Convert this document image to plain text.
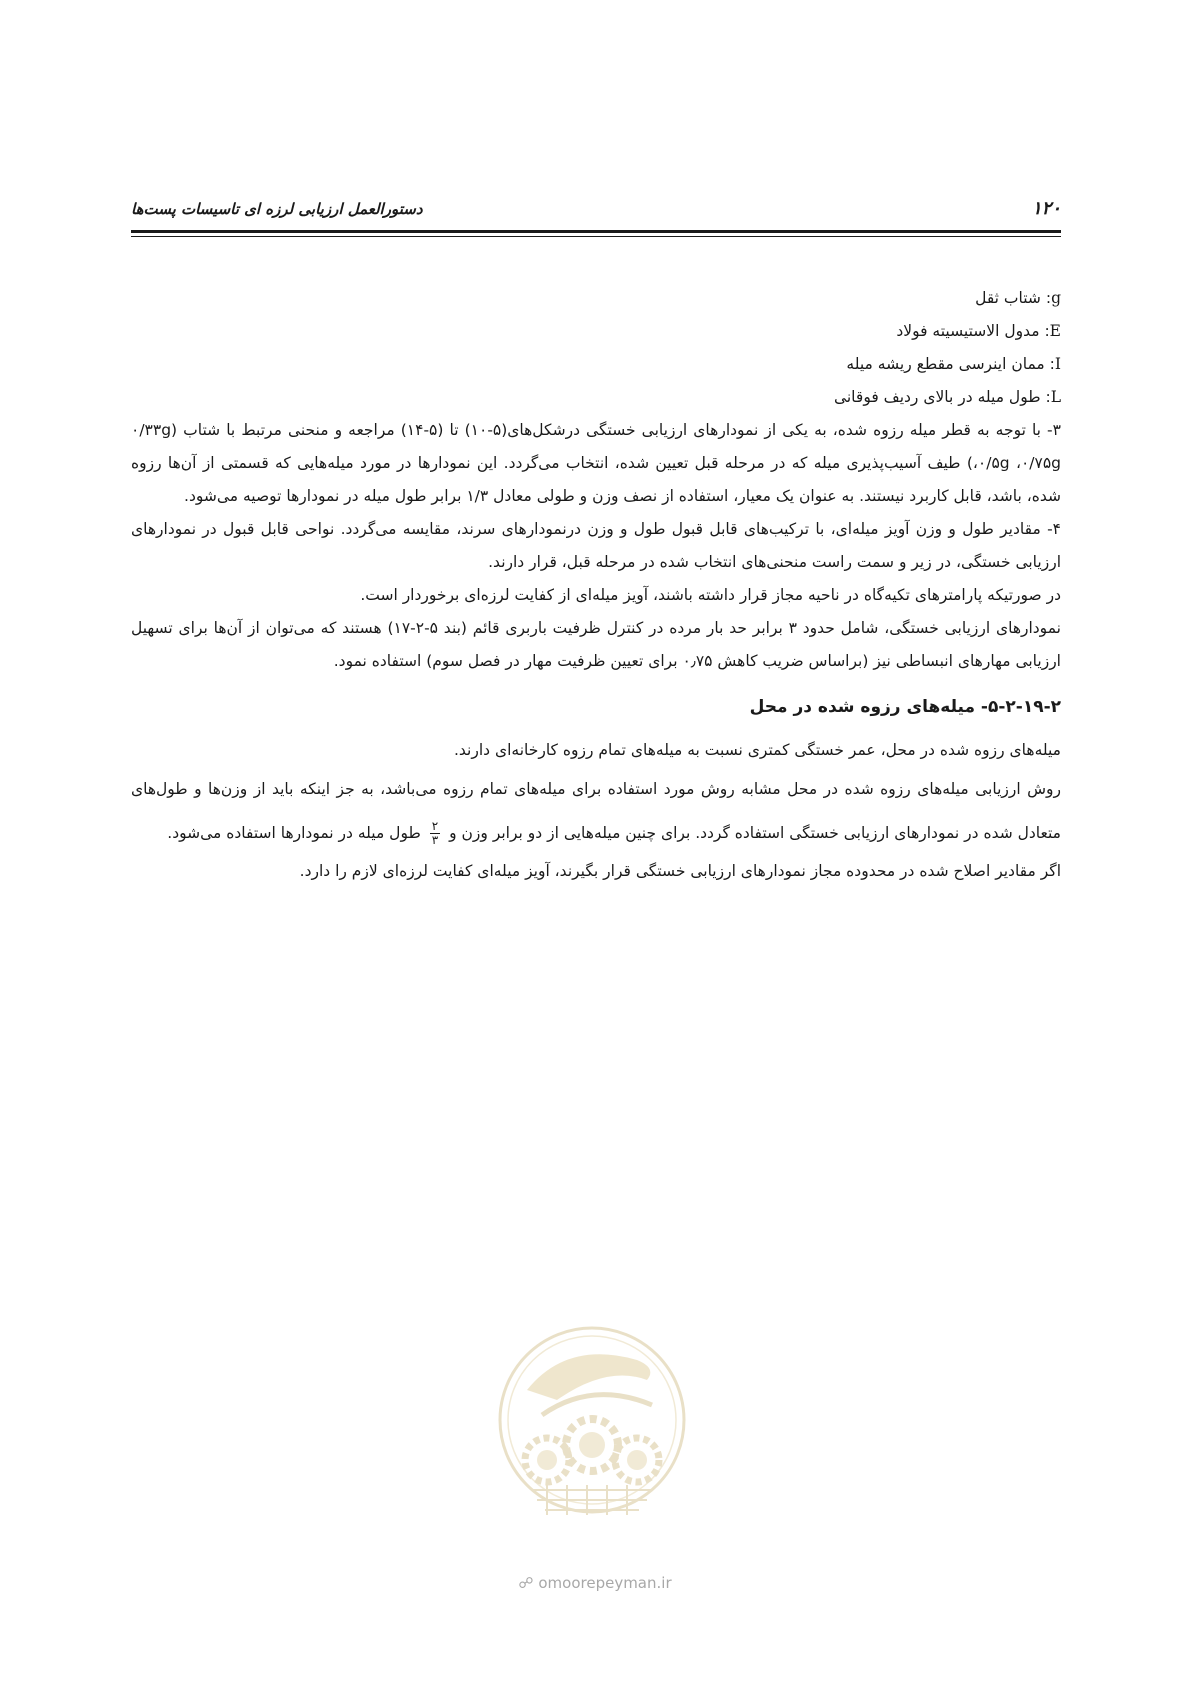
۱۲۰
دستورالعمل ارزیابی لرزه ای تاسیسات پست‌ها

g: شتاب ثقل

E: مدول الاستیسیته فولاد

I: ممان اینرسی مقطع ریشه میله

L: طول میله در بالای ردیف فوقانی

۳- با توجه به قطر میله رزوه شده، به یکی از نمودارهای ارزیابی خستگی درشکل‌های(۵-۱۰) تا (۵-۱۴) مراجعه و منحنی مرتبط با شتاب (۰/۳۳g ،۰/۵g ،۰/۷۵g) طیف آسیب‌پذیری میله که در مرحله قبل تعیین شده، انتخاب می‌گردد. این نمودارها در مورد میله‌هایی که قسمتی از آن‌ها رزوه شده، باشد، قابل کاربرد نیستند. به عنوان یک معیار، استفاده از نصف وزن و طولی معادل ۱/۳ برابر طول میله در نمودارها توصیه می‌شود.

۴- مقادیر طول و وزن آویز میله‌ای، با ترکیب‌های قابل قبول طول و وزن درنمودارهای سرند، مقایسه می‌گردد. نواحی قابل قبول در نمودارهای ارزیابی خستگی، در زیر و سمت راست منحنی‌های انتخاب شده در مرحله قبل، قرار دارند.

در صورتیکه پارامترهای تکیه‌گاه در ناحیه مجاز قرار داشته باشند، آویز میله‌ای از کفایت لرزه‌ای برخوردار است.

نمودارهای ارزیابی خستگی، شامل حدود ۳ برابر حد بار مرده در کنترل ظرفیت باربری قائم (بند ۵-۲-۱۷) هستند که می‌توان از آن‌ها برای تسهیل ارزیابی مهارهای انبساطی نیز (براساس ضریب کاهش ۰٫۷۵ برای تعیین ظرفیت مهار در فصل سوم) استفاده نمود.

۵-۲-۱۹-۲- میله‌های رزوه شده در محل

میله‌های رزوه شده در محل، عمر خستگی کمتری نسبت به میله‌های تمام رزوه کارخانه‌ای دارند.

روش ارزیابی میله‌های رزوه شده در محل مشابه روش مورد استفاده برای میله‌های تمام رزوه می‌باشد، به جز اینکه باید از وزن‌ها و طول‌های متعادل شده در نمودارهای ارزیابی خستگی استفاده گردد. برای چنین میله‌هایی از دو برابر وزن و
$\frac{۲}{۳}$
طول میله در نمودارها استفاده می‌شود.

اگر مقادیر اصلاح شده در محدوده مجاز نمودارهای ارزیابی خستگی قرار بگیرند، آویز میله‌ای کفایت لرزه‌ای لازم را دارد.

☍ omoorepeyman.ir
